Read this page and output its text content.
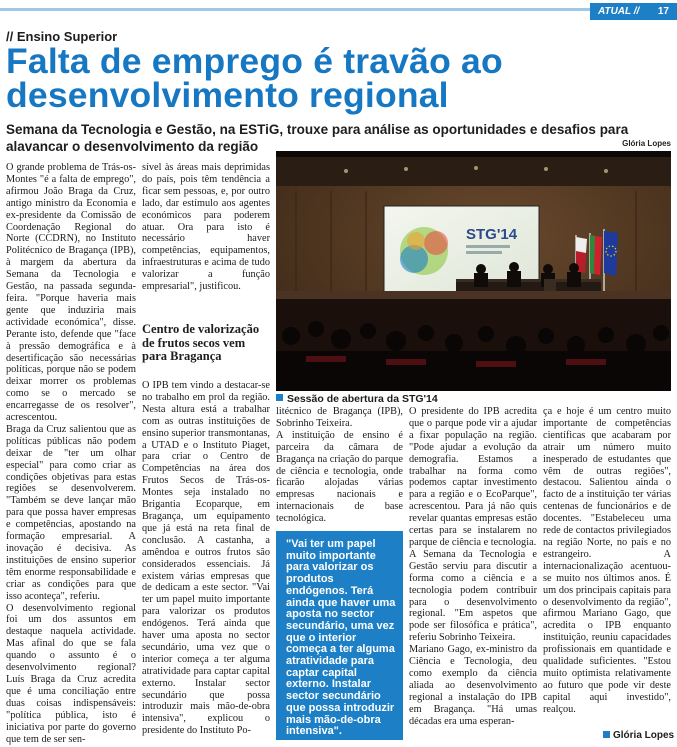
ATUAL // 17
// Ensino Superior
Falta de emprego é travão ao desenvolvimento regional
Semana da Tecnologia e Gestão, na ESTiG, trouxe para análise as oportunidades e desafios para alavancar o desenvolvimento da região	Glória Lopes

O grande problema de Trás-os-Montes "é a falta de emprego", afirmou João Braga da Cruz, antigo ministro da Economia e ex-presidente da Comissão de Coordenação Regional do Norte (CCDRN), no Instituto Politécnico de Bragança (IPB), à margem da abertura da Semana da Tecnologia e Gestão, na passada segunda-feira. "Porque haveria mais gente que induziria mais actividade económica", disse. Perante isto, defende que "face à pressão demográfica e à desertificação são necessárias políticas, porque não se podem deixar morrer os problemas como se o mercado se encarregasse de os resolver", acrescentou.

Braga da Cruz salientou que as políticas públicas não podem deixar de "ter um olhar especial" para como criar as condições objetivas para estas regiões se desenvolverem. "Também se deve lançar mão para que possa haver empresas e competências, apostando na formação empresarial. A inovação é decisiva. As instituições de ensino superior têm enorme responsabilidade e criar as condições para que isso aconteça", referiu.

O desenvolvimento regional foi um dos assuntos em destaque naquela actividade. Mas afinal do que se fala quando o assunto é o desenvolvimento regional? Luís Braga da Cruz acredita que é uma conciliação entre duas coisas indispensáveis: "política pública, isto é iniciativa por parte do governo que tem de ser sen-

sível às áreas mais deprimidas do país, pois têm tendência a ficar sem pessoas, e, por outro lado, dar estímulo aos agentes económicos para poderem atuar. Ora para isto é necessário haver competências, equipamentos, infraestruturas e acima de tudo valorizar a função empresarial", justificou.

Centro de valorização de frutos secos vem para Bragança

O IPB tem vindo a destacar-se no trabalho em prol da região. Nesta altura está a trabalhar com as outras instituições de ensino superior transmontanas, a UTAD e o Instituto Piaget, para criar o Centro de Competências na área dos Frutos Secos de Trás-os-Montes seja instalado no Brigantia Ecoparque, em Bragança, um equipamento que já está na reta final de conclusão. A castanha, a amêndoa e outros frutos são considerados essenciais. Já existem várias empresas que de dedicam a este sector. "Vai ter um papel muito importante para valorizar os produtos endógenos. Terá ainda que haver uma aposta no sector secundário, uma vez que o interior começa a ter alguma atratividade para captar capital externo. Instalar sector secundário que possa introduzir mais mão-de-obra intensiva", explicou o presidente do Instituto Po-

STG'14
Sessão de abertura da STG'14

litécnico de Bragança (IPB), Sobrinho Teixeira.

A instituição de ensino é parceira da câmara de Bragança na criação do parque de ciência e tecnologia, onde ficarão alojadas várias empresas nacionais e internacionais de base tecnológica.

"Vai ter um papel muito importante para valorizar os produtos endógenos. Terá ainda que haver uma aposta no sector secundário, uma vez que o interior começa a ter alguma atratividade para captar capital externo. Instalar sector secundário que possa introduzir mais mão-de-obra intensiva".

O presidente do IPB acredita que o parque pode vir a ajudar a fixar população na região. "Pode ajudar a evolução da demografia. Estamos a trabalhar na forma como podemos captar investimento para a região e o EcoParque", acrescentou. Para já não quis revelar quantas empresas estão certas para se instalarem no parque de ciência e tecnologia.

A Semana da Tecnologia e Gestão serviu para discutir a forma como a ciência e a tecnologia podem contribuir para o desenvolvimento regional. "Em aspetos que pode ser filosófica e prática", referiu Sobrinho Teixeira.

Mariano Gago, ex-ministro da Ciência e Tecnologia, deu como exemplo da ciência aliada ao desenvolvimento regional a instalação do IPB em Bragança. "Há umas décadas era uma esperan-

ça e hoje é um centro muito importante de competências científicas que acabaram por atrair um número muito inesperado de estudantes que vêm de outras regiões", destacou. Salientou ainda o facto de a instituição ter várias centenas de funcionários e de docentes. "Estabeleceu uma rede de contactos privilegiados na região Norte, no país e no estrangeiro. A internacionalização acentuou-se muito nos últimos anos. É um dos principais capitais para o desenvolvimento da região", afirmou Mariano Gago, que acredita o IPB enquanto instituição, reuniu capacidades profissionais em quantidade e qualidade suficientes. "Estou muito optimista relativamente ao futuro que pode vir deste capital aqui investido", realçou.

Glória Lopes
